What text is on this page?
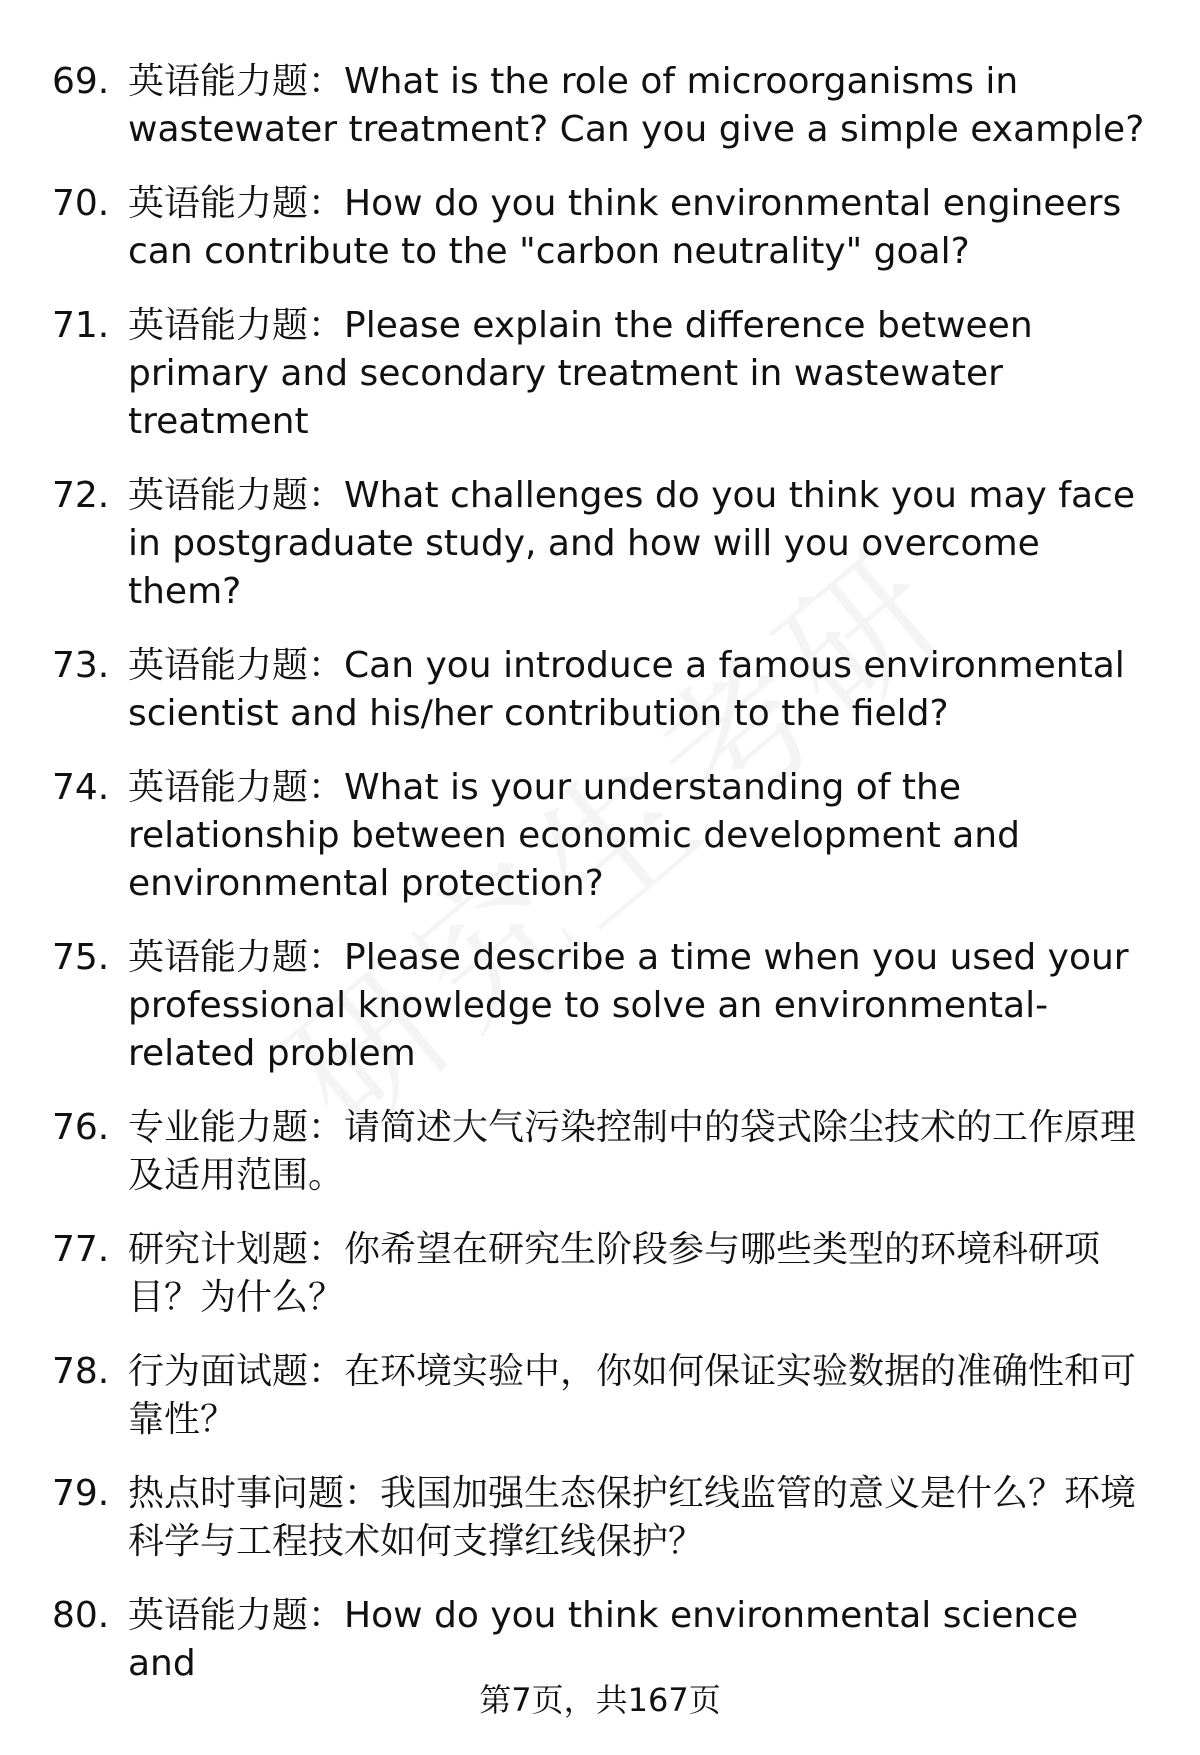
69. 英语能力题：What is the role of microorganisms in wastewater treatment? Can you give a simple example?
70. 英语能力题：How do you think environmental engineers can contribute to the "carbon neutrality" goal?
71. 英语能力题：Please explain the difference between primary and secondary treatment in wastewater treatment
72. 英语能力题：What challenges do you think you may face in postgraduate study, and how will you overcome them?
73. 英语能力题：Can you introduce a famous environmental scientist and his/her contribution to the field?
74. 英语能力题：What is your understanding of the relationship between economic development and environmental protection?
75. 英语能力题：Please describe a time when you used your professional knowledge to solve an environmental-related problem
76. 专业能力题：请简述大气污染控制中的袋式除尘技术的工作原理及适用范围。
77. 研究计划题：你希望在研究生阶段参与哪些类型的环境科研项目？为什么？
78. 行为面试题：在环境实验中，你如何保证实验数据的准确性和可靠性？
79. 热点时事问题：我国加强生态保护红线监管的意义是什么？环境科学与工程技术如何支撑红线保护？
80. 英语能力题：How do you think environmental science and
第7页，共167页
